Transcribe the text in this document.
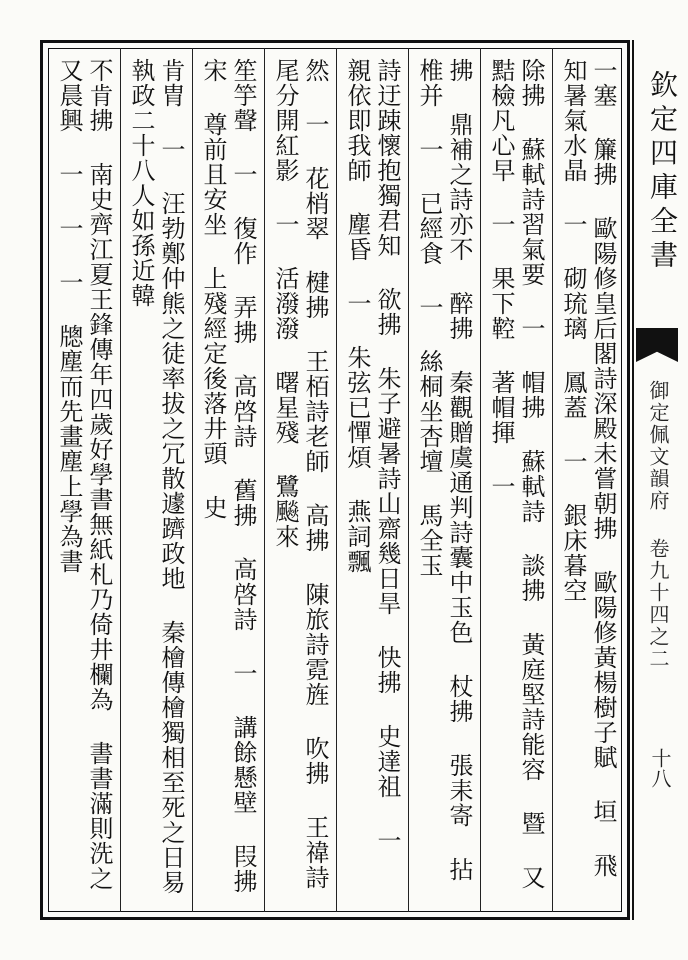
一塞 簾拂 歐陽修皇后閣詩深殿未嘗朝拂 歐陽修黃楊樹子賦 垣 飛 知暑氣水晶 一 砌琉璃 鳳蓋 一 銀床暮空
除拂 蘇軾詩習氣要 一 帽拂 蘇軾詩 談拂 黃庭堅詩能容 暨 又黠檢凡心早 一 果下鞚 著帽揮 一
拂 鼎補之詩亦不 醉拂 秦觀贈虞通判詩囊中玉色 杖拂 張耒寄 拈椎并 一 已經食 一 絲桐坐杏壇 馬全玉
詩迂踈懷抱獨君知 欲拂 朱子避暑詩山齋幾日旱 快拂 史達祖 一 親依即我師 塵昏 一 朱弦已憚煩 燕詞飄
然 一 花梢翠 楗拂 王栢詩老師 高拂 陳旅詩霓旌 吹拂 王禕詩 尾分開紅影 一 活潑潑 曙星殘 鷺飈來
笙竽聲 一 復作 弄拂 高啓詩 舊拂 高啓詩 一 講餘懸壁 叚拂 宋 尊前且安坐 上殘經定後落井頭 史
肯胄 一 汪勃鄭仲熊之徒率拔之冗散遽躋政地 秦檜傳檜獨相至死之日易執政二十八人如孫近韓
不肯拂 南史齊江夏王鋒傳年四歲好學書無紙札乃倚井欄為 書書滿則洗之又晨興 一 一 一 牕塵而先畫塵上學為書	欽定四庫全書
御定佩文韻府 卷九十四之二
十八
